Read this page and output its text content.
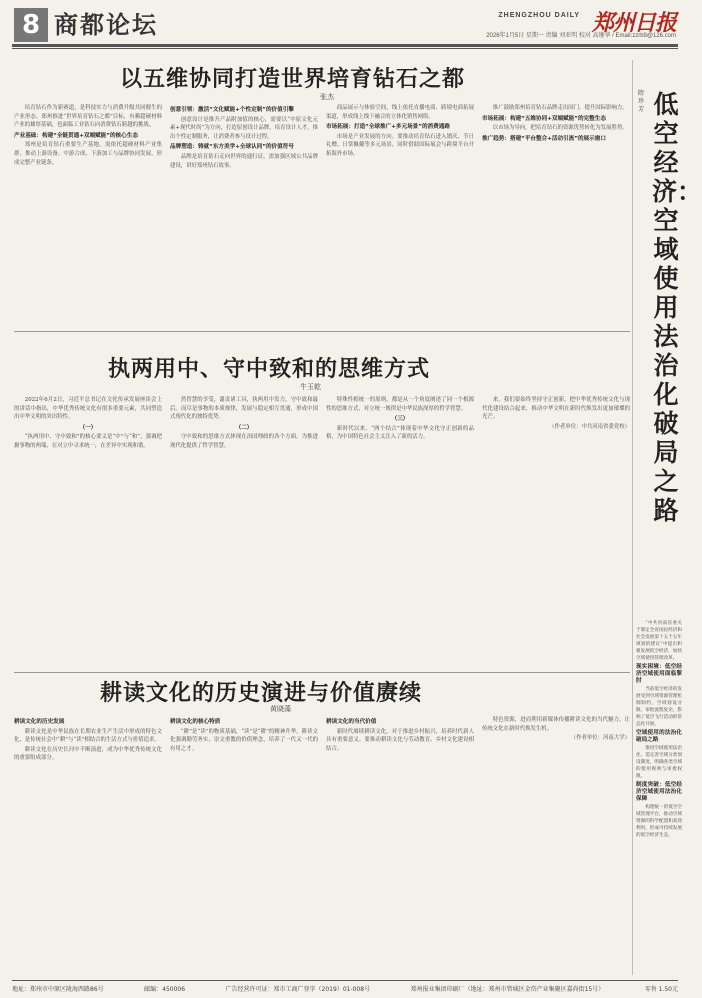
8 商都论坛	ZHENGZHOU DAILY 郑州日报
2026年1月5日 星期一 责编 刘亚明 校对 高继华 / Email:zzrb9@126.com
以五维协同打造世界培育钻石之都
张杰

培育钻石作为新赛道，是科技实力与消费升级共同催生的产业形态。郑州推进“世界培育钻石之都”目标，有赖超硬材料产业的雄厚基础，也面临工业钻石向消费钻石跨越的挑战。

产业基础：构建“全链贯通+双端赋能”的核心生态

郑州是培育钻石重要生产基地，需依托超硬材料产业集群，推动上游设备、中游合成、下游加工与品牌协同发展，形成完整产业链条。

创意引领：激活“文化赋能+个性定制”的价值引擎

创意设计是推升产品附加值的核心，需要以“中原文化元素+现代时尚”为方向，打造原创设计品牌，培育设计人才，推出个性定制服务，让消费者参与设计过程。

品牌塑造：铸就“东方美学+全球认同”的价值符号

品牌是培育钻石走向世界的通行证，需加强区域公共品牌建设，讲好郑州钻石故事。

商品展示与体验空间，线上依托直播电商、跨境电商拓展渠道，形成线上线下融合的立体化销售网络。

市场拓展：打造“全球推广+多元场景”的消费通路

市场是产业发展的方向。要推动培育钻石进入婚庆、节日礼赠、日常佩戴等多元场景，同时借助国际展会与跨境平台开拓海外市场。

推广鼓励郑州培育钻石品牌走出国门，提升国际影响力。

市场拓展：构建“五维协同+双端赋能”的完整生态

以市场为导向，把培育钻石的资源优势转化为发展胜势。

推广趋势：搭建“平台整合+活动引流”的展示窗口

执两用中、守中致和的思维方式
牛玉乾

2022年6月2日，习近平总书记在文化传承发展座谈会上的讲话中指出，中华优秀传统文化有很多重要元素，共同塑造出中华文明的突出特性。

（一）

“执两用中、守中致和”的核心要义是“中”与“和”，强调把握事物的两端，在对立中寻求统一，在差异中实现和谐。

然智慧的享受，谴责诸工具，执两用中发力，守中致和最后。而尽是事物的本质规律，发展与稳定相互贯通，形成中国式现代化的独特优势。

（二）

守中致和的思维方式体现在治国理政的各个方面，为推进现代化提供了哲学智慧。

特殊性相统一的原则，都是从一个角度阐述了同一个根源性的思维方式，对立统一规律是中华民族深厚的哲学智慧。

（三）

新时代以来，“两个结合”体现着中华文化守正创新的品格，为中国特色社会主义注入了新的活力。

来，我们要始终坚持守正创新，把中华优秀传统文化与现代化建设结合起来，推动中华文明在新时代焕发出更加璀璨的光芒。

（作者单位：中共河南省委党校）

耕读文化的历史演进与价值赓续
黄晓藻

耕读文化的历史发展

耕读文化是中华民族在长期农业生产生活中形成的特色文化，是传统社会中“耕”与“读”相结合的生活方式与价值追求。

耕读文化在历史长河中不断演进，成为中华优秀传统文化的重要组成部分。

耕读文化的核心特质

“耕”是“读”的物质基础，“读”是“耕”的精神升华。耕读文化强调勤劳务实、崇文重教的价值理念，培养了一代又一代的有用之才。

耕读文化的当代价值

新时代赓续耕读文化，对于推进乡村振兴、培养时代新人具有重要意义。要推动耕读文化与劳动教育、乡村文化建设相结合。

特色资源，进而利用新媒体传播耕读文化的当代魅力，让传统文化在新时代焕发生机。

（作者单位：河南大学）

低空经济：空域使用法治化破局之路
隋珍芳
地址：郑州市中原区陇海西路86号	邮编：450006	广告经营许可证：郑市工商广登字（2019）01-008号	郑州报业集团印刷厂（地址：郑州市管城区金岱产业集聚区嘉尚街15号）	零售 1.50元

“中共河南省委关于制定全省国民经济和社会发展第十五个五年规划的建议”中提出积极发展低空经济，加快空域使用管理改革。

现实困境：低空经济空域使用面临掣肘

当前低空经济的发展受到空域资源管理机制制约，空域划设分散、审批流程复杂，影响了低空飞行活动的常态化开展。

空域使用的法治化破局之路

推进空域使用法治化，需完善空域分类划设制度，明确各类空域的使用规则与审批权限。

制度突破：低空经济空域使用法治化保障

构建统一的低空空域管理平台，推动空域资源的科学配置和高效利用，形成可持续发展的低空经济生态。
